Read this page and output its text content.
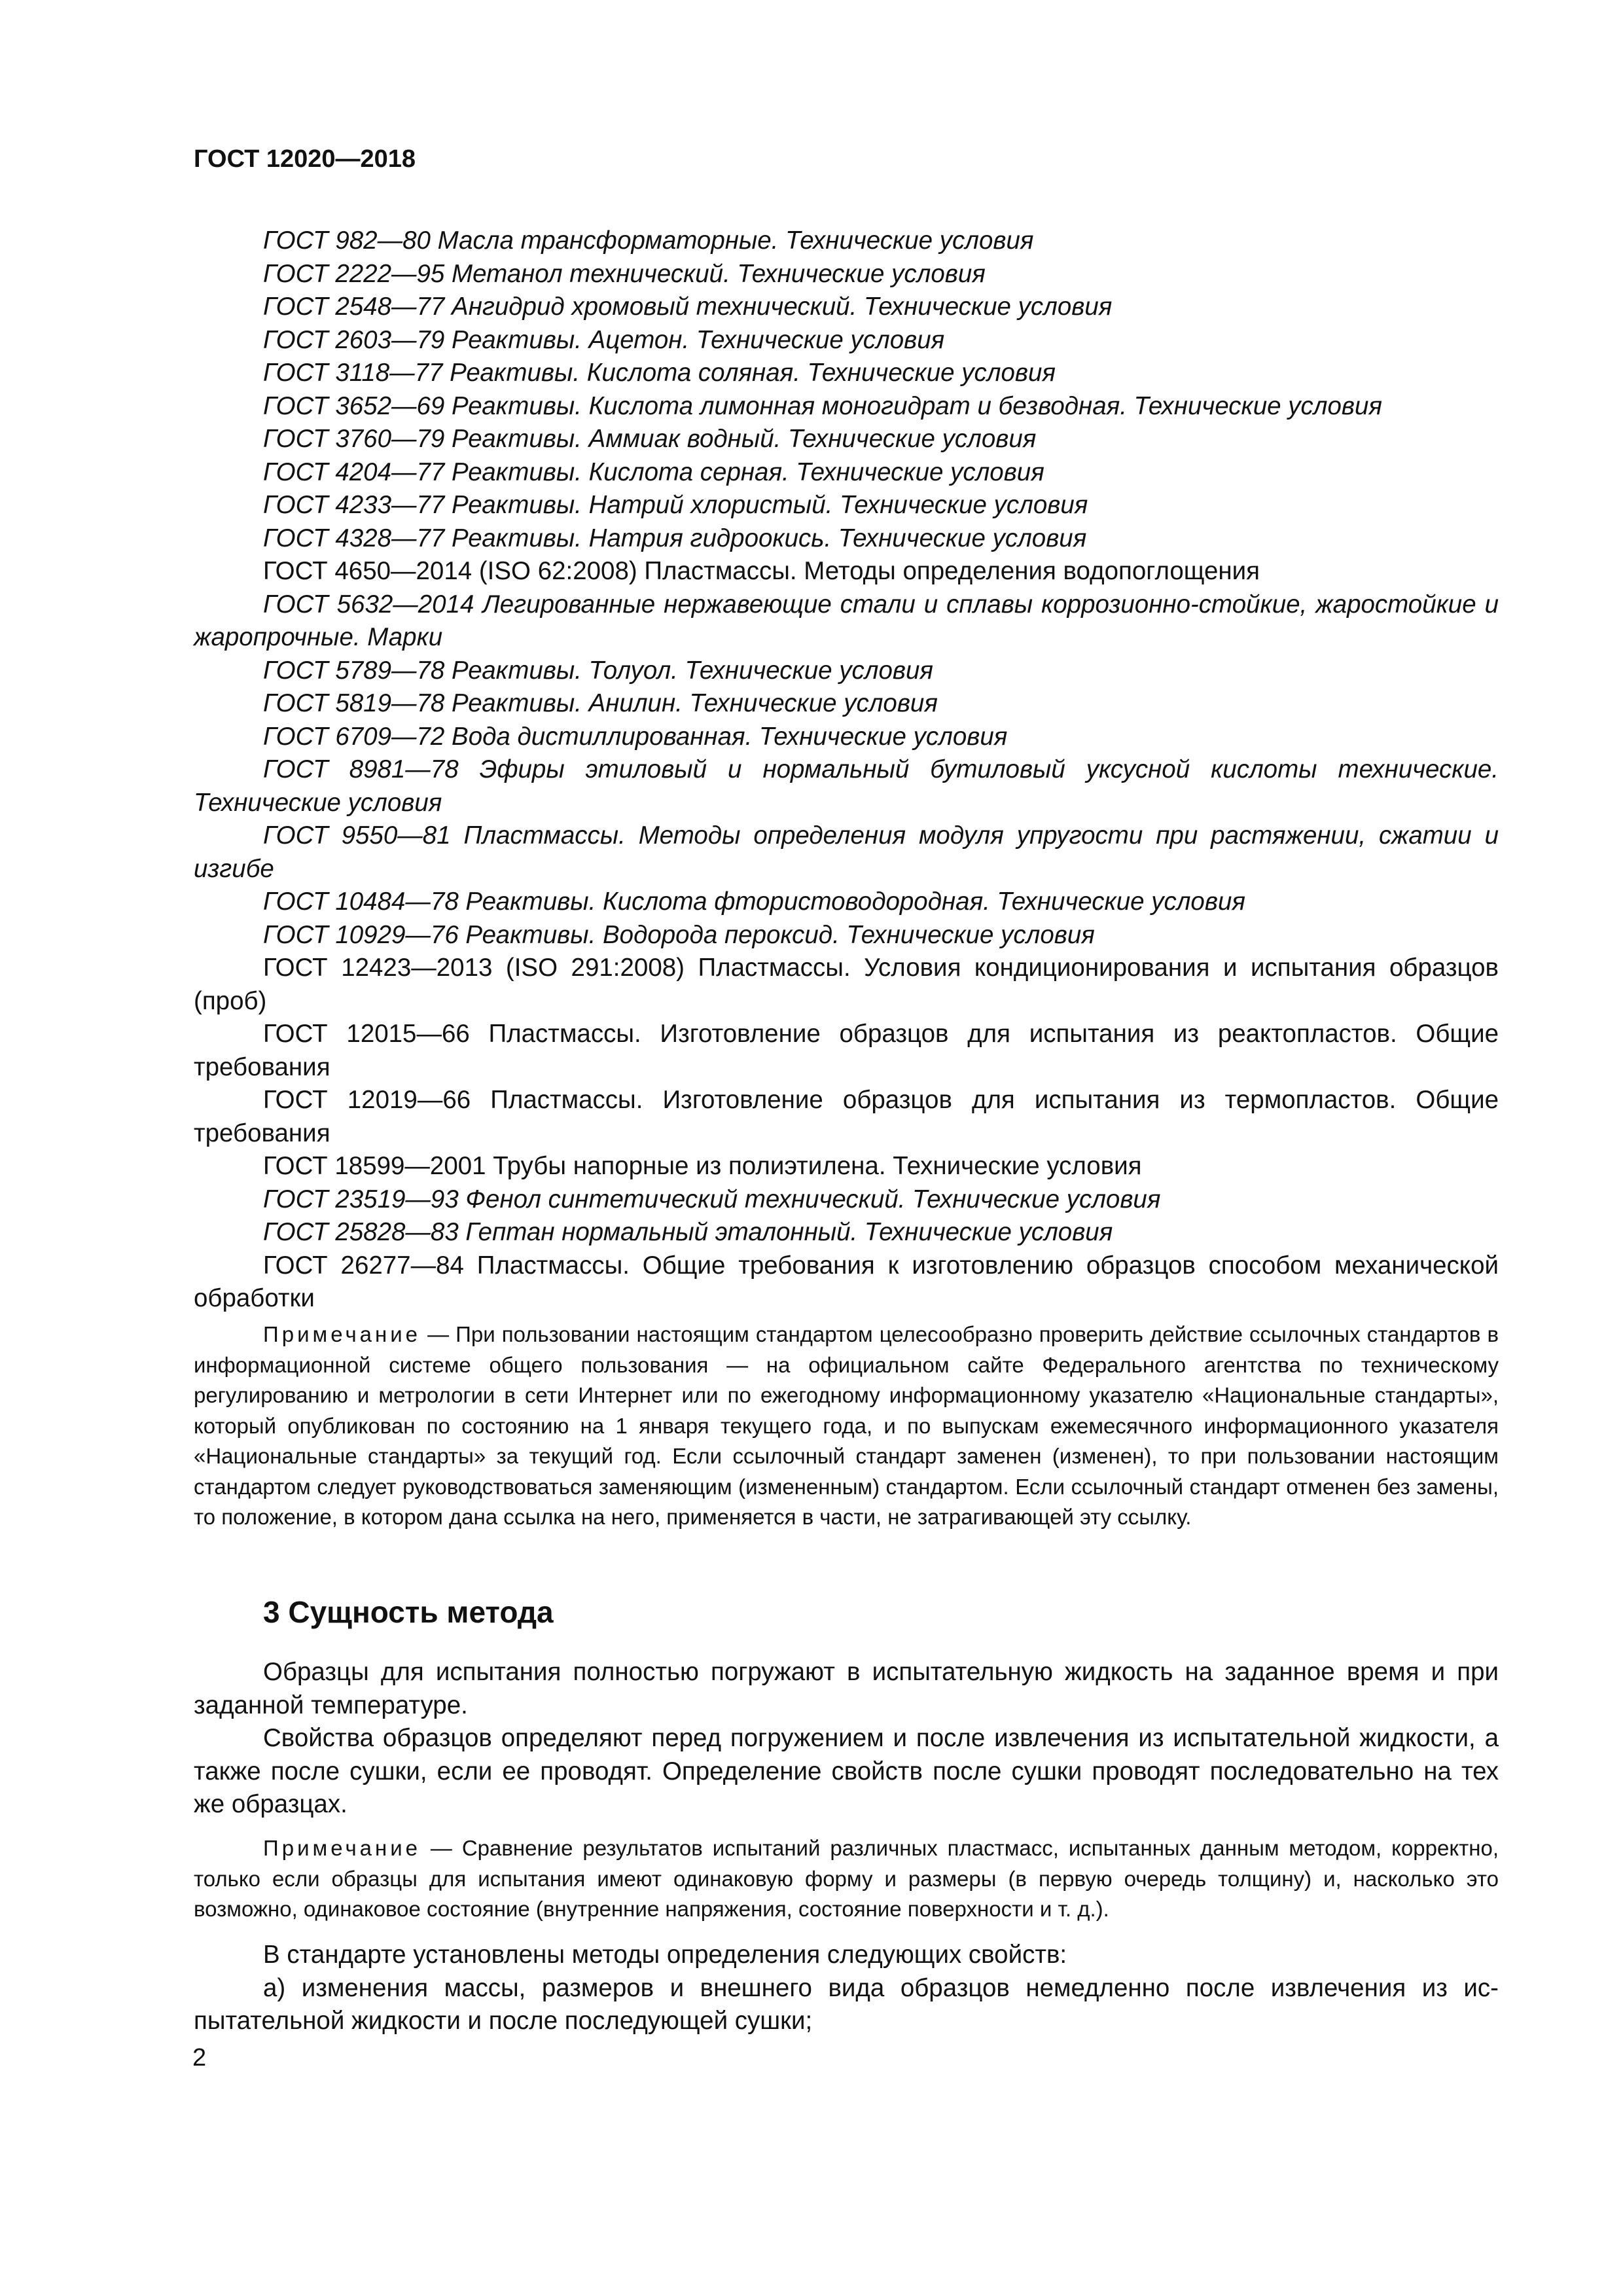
ГОСТ 12020—2018

ГОСТ 982—80 Масла трансформаторные. Технические условия

ГОСТ 2222—95 Метанол технический. Технические условия

ГОСТ 2548—77 Ангидрид хромовый технический. Технические условия

ГОСТ 2603—79 Реактивы. Ацетон. Технические условия

ГОСТ 3118—77 Реактивы. Кислота соляная. Технические условия

ГОСТ 3652—69 Реактивы. Кислота лимонная моногидрат и безводная. Технические условия

ГОСТ 3760—79 Реактивы. Аммиак водный. Технические условия

ГОСТ 4204—77 Реактивы. Кислота серная. Технические условия

ГОСТ 4233—77 Реактивы. Натрий хлористый. Технические условия

ГОСТ 4328—77 Реактивы. Натрия гидроокись. Технические условия

ГОСТ 4650—2014 (ISO 62:2008) Пластмассы. Методы определения водопоглощения

ГОСТ 5632—2014 Легированные нержавеющие стали и сплавы коррозионно-стойкие, жаростойкие и жаропрочные. Марки

ГОСТ 5789—78 Реактивы. Толуол. Технические условия

ГОСТ 5819—78 Реактивы. Анилин. Технические условия

ГОСТ 6709—72 Вода дистиллированная. Технические условия

ГОСТ 8981—78 Эфиры этиловый и нормальный бутиловый уксусной кислоты технические. Технические условия

ГОСТ 9550—81 Пластмассы. Методы определения модуля упругости при растяжении, сжатии и изгибе

ГОСТ 10484—78 Реактивы. Кислота фтористоводородная. Технические условия

ГОСТ 10929—76 Реактивы. Водорода пероксид. Технические условия

ГОСТ 12423—2013 (ISO 291:2008) Пластмассы. Условия кондиционирования и испытания образцов (проб)

ГОСТ 12015—66 Пластмассы. Изготовление образцов для испытания из реактопластов. Общие требования

ГОСТ 12019—66 Пластмассы. Изготовление образцов для испытания из термопластов. Общие требования

ГОСТ 18599—2001 Трубы напорные из полиэтилена. Технические условия

ГОСТ 23519—93 Фенол синтетический технический. Технические условия

ГОСТ 25828—83 Гептан нормальный эталонный. Технические условия

ГОСТ 26277—84 Пластмассы. Общие требования к изготовлению образцов способом механической обработки

Примечание — При пользовании настоящим стандартом целесообразно проверить действие ссылочных стандартов в информационной системе общего пользования — на официальном сайте Федерального агентства по техническому регулированию и метрологии в сети Интернет или по ежегодному информационному указателю «Национальные стандарты», который опубликован по состоянию на 1 января текущего года, и по выпускам ежемесячного информационного указателя «Национальные стандарты» за текущий год. Если ссылочный стандарт заменен (изменен), то при пользовании настоящим стандартом следует руководствоваться заменяющим (измененным) стандартом. Если ссылочный стандарт отменен без замены, то положение, в котором дана ссылка на него, применяется в части, не затрагивающей эту ссылку.

3 Сущность метода

Образцы для испытания полностью погружают в испытательную жидкость на заданное время и при заданной температуре.

Свойства образцов определяют перед погружением и после извлечения из испытательной жидкости, а также после сушки, если ее проводят. Определение свойств после сушки проводят последовательно на тех же образцах.

Примечание — Сравнение результатов испытаний различных пластмасс, испытанных данным методом, корректно, только если образцы для испытания имеют одинаковую форму и размеры (в первую очередь толщину) и, насколько это возможно, одинаковое состояние (внутренние напряжения, состояние поверхности и т. д.).

В стандарте установлены методы определения следующих свойств:

а) изменения массы, размеров и внешнего вида образцов немедленно после извлечения из испытательной жидкости и после последующей сушки;

2
